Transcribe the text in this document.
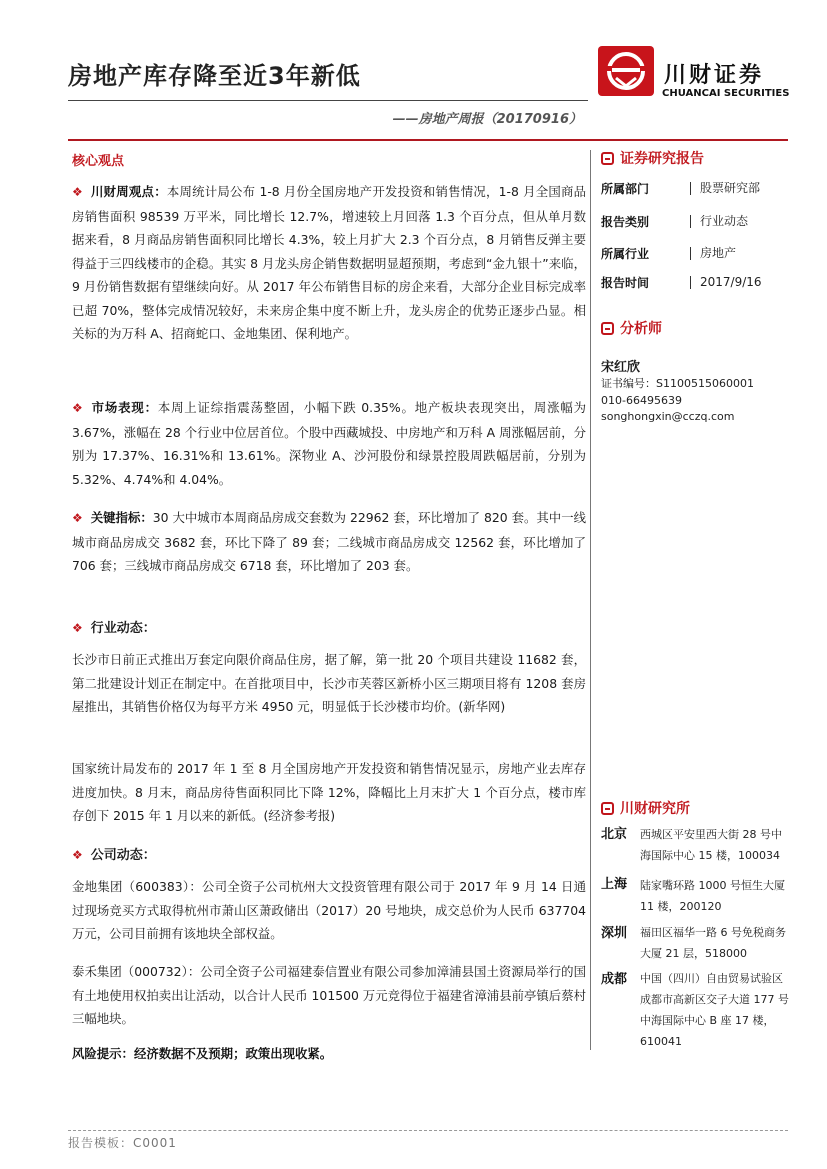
房地产库存降至近3年新低
——房地产周报（20170916）
川财证券
CHUANCAI SECURITIES
核心观点

❖ 川财周观点：本周统计局公布 1-8 月份全国房地产开发投资和销售情况，1-8 月全国商品房销售面积 98539 万平米，同比增长 12.7%，增速较上月回落 1.3 个百分点，但从单月数据来看，8 月商品房销售面积同比增长 4.3%，较上月扩大 2.3 个百分点，8 月销售反弹主要得益于三四线楼市的企稳。其实 8 月龙头房企销售数据明显超预期，考虑到“金九银十”来临，9 月份销售数据有望继续向好。从 2017 年公布销售目标的房企来看，大部分企业目标完成率已超 70%，整体完成情况较好，未来房企集中度不断上升，龙头房企的优势正逐步凸显。相关标的为万科 A、招商蛇口、金地集团、保利地产。

❖ 市场表现：本周上证综指震荡整固，小幅下跌 0.35%。地产板块表现突出，周涨幅为 3.67%，涨幅在 28 个行业中位居首位。个股中西藏城投、中房地产和万科 A 周涨幅居前，分别为 17.37%、16.31%和 13.61%。深物业 A、沙河股份和绿景控股周跌幅居前，分别为 5.32%、4.74%和 4.04%。

❖ 关键指标：30 大中城市本周商品房成交套数为 22962 套，环比增加了 820 套。其中一线城市商品房成交 3682 套，环比下降了 89 套；二线城市商品房成交 12562 套，环比增加了 706 套；三线城市商品房成交 6718 套，环比增加了 203 套。

❖ 行业动态：

长沙市日前正式推出万套定向限价商品住房，据了解，第一批 20 个项目共建设 11682 套，第二批建设计划正在制定中。在首批项目中，长沙市芙蓉区新桥小区三期项目将有 1208 套房屋推出，其销售价格仅为每平方米 4950 元，明显低于长沙楼市均价。(新华网)
国家统计局发布的 2017 年 1 至 8 月全国房地产开发投资和销售情况显示，房地产业去库存进度加快。8 月末，商品房待售面积同比下降 12%，降幅比上月末扩大 1 个百分点，楼市库存创下 2015 年 1 月以来的新低。(经济参考报)

❖ 公司动态：

金地集团（600383）：公司全资子公司杭州大文投资管理有限公司于 2017 年 9 月 14 日通过现场竞买方式取得杭州市萧山区萧政储出（2017）20 号地块，成交总价为人民币 637704 万元，公司目前拥有该地块全部权益。
泰禾集团（000732）：公司全资子公司福建泰信置业有限公司参加漳浦县国土资源局举行的国有土地使用权拍卖出让活动，以合计人民币 101500 万元竞得位于福建省漳浦县前亭镇后蔡村三幅地块。
风险提示：经济数据不及预期；政策出现收紧。
证券研究报告
所属部门	股票研究部
报告类别	行业动态
所属行业	房地产
报告时间	2017/9/16
分析师
宋红欣
证书编号：S1100515060001
010-66495639
songhongxin@cczq.com
川财研究所
北京 西城区平安里西大街 28 号中海国际中心 15 楼，100034
上海 陆家嘴环路 1000 号恒生大厦 11 楼，200120
深圳 福田区福华一路 6 号免税商务大厦 21 层，518000
成都 中国（四川）自由贸易试验区成都市高新区交子大道 177 号中海国际中心 B 座 17 楼，610041
报告模板：C0001
